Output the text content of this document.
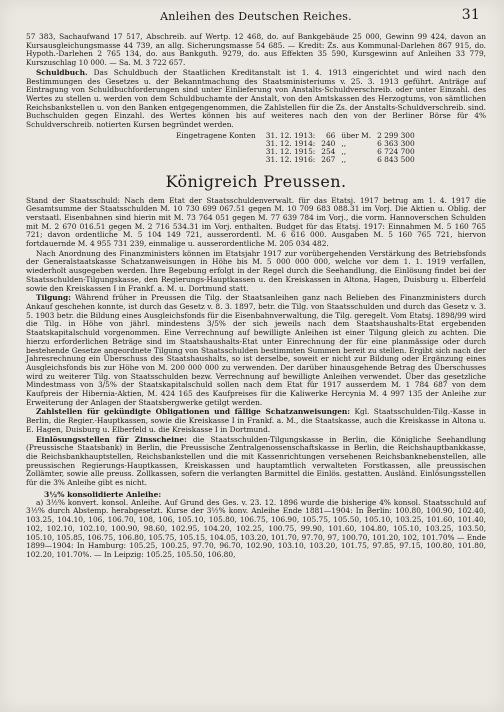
Anleihen des Deutschen Reiches.	31

57 383, Sachaufwand 17 517, Abschreib. auf Wertp. 12 468, do. auf Bankgebäude 25 000, Gewinn 99 424, davon an Kursausgleichungsmasse 44 739, an allg. Sicherungsmasse 54 685. — Kredit: Zs. aus Kommunal-Darlehen 867 915, do. Hypoth.-Darlehen 2 765 134, do. aus Bankguth. 9279, do. aus Effekten 35 590, Kursgewinn auf Anleihen 33 779, Kurszuschlag 10 000. — Sa. M. 3 722 657.

Schuldbuch. Das Schuldbuch der Staatlichen Kreditanstalt ist 1. 4. 1913 eingerichtet und wird nach den Bestimmungen des Gesetzes u. der Bekanntmachung des Staatsministeriums v. 25. 3. 1913 geführt. Anträge auf Eintragung von Schuldbuchforderungen sind unter Einlieferung von Anstalts-Schuldverschreib. oder unter Einzahl. des Wertes zu stellen u. werden von dem Schuldbuchamte der Anstalt, von den Amtskassen des Herzogtums, von sämtlichen Reichsbankstellen u. von den Banken entgegengenommen, die Zahlstellen für die Zs. der Anstalts-Schuldverschreib. sind. Buchschulden gegen Einzahl. des Wertes können bis auf weiteres nach den von der Berliner Börse für 4% Schuldverschreib. notierten Kursen begründet werden.

Eingetragene Konten	31. 12. 1913:	66	über M.	2 299 300
	31. 12. 1914:	240	,,	6 363 300
	31. 12. 1915:	254	,,	6 724 700
	31. 12. 1916:	267	,,	6 843 500
Königreich Preussen.

Stand der Staatsschuld: Nach dem Etat der Staatsschuldenverwalt. für das Etatsj. 1917 betrug am 1. 4. 1917 die Gesamtsumme der Staatsschulden M. 10 730 699 067.51 gegen M. 10 709 683 088.31 im Vorj. Die Aktien u. Oblig. der verstaatl. Eisenbahnen sind hierin mit M. 73 764 051 gegen M. 77 639 784 im Vorj., die vorm. Hannoverschen Schulden mit M. 2 670 016.51 gegen M. 2 716 534.31 im Vorj. enthalten. Budget für das Etatsj. 1917: Einnahmen M. 5 160 765 721; davon ordentliche M. 5 104 149 721, ausserordentl. M. 6 616 000. Ausgaben M. 5 160 765 721, hiervon fortdauernde M. 4 955 731 239, einmalige u. ausserordentliche M. 205 034 482.

Nach Anordnung des Finanzministers können im Etatsjahr 1917 zur vorübergehenden Verstärkung des Betriebsfonds der Generalstaatskasse Schatzanweisungen in Höhe bis M. 5 000 000 000, welche vor dem 1. 1. 1919 verfallen, wiederholt ausgegeben werden. Ihre Begebung erfolgt in der Regel durch die Seehandlung, die Einlösung findet bei der Staatsschulden-Tilgungskasse, den Regierungs-Hauptkassen u. den Kreiskassen in Altona, Hagen, Duisburg u. Elberfeld sowie den Kreiskassen I in Frankf. a. M. u. Dortmund statt.

Tilgung: Während früher in Preussen die Tilg. der Staatsanleihen ganz nach Belieben des Finanzministers durch Ankauf geschehen konnte, ist durch das Gesetz v. 8. 3. 1897, betr. die Tilg. von Staatsschulden und durch das Gesetz v. 3. 5. 1903 betr. die Bildung eines Ausgleichsfonds für die Eisenbahnverwaltung, die Tilg. geregelt. Vom Etatsj. 1898/99 wird die Tilg. in Höhe von jährl. mindestens 3/5% der sich jeweils nach dem Staatshaushalts-Etat ergebenden Staatskapitalschuld vorgenommen. Eine Verrechnung auf bewilligte Anleihen ist einer Tilgung gleich zu achten. Die hierzu erforderlichen Beträge sind im Staatshaushalts-Etat unter Einrechnung der für eine planmässige oder durch bestehende Gesetze angeordnete Tilgung von Staatsschulden bestimmten Summen bereit zu stellen. Ergibt sich nach der Jahresrechnung ein Überschuss des Staatshaushalts, so ist derselbe, soweit er nicht zur Bildung oder Ergänzung eines Ausgleichsfonds bis zur Höhe von M. 200 000 000 zu verwenden. Der darüber hinausgehende Betrag des Überschusses wird zu weiterer Tilg. von Staatsschulden bezw. Verrechnung auf bewilligte Anleihen verwendet. Über das gesetzliche Mindestmass von 3/5% der Staatskapitalschuld sollen nach dem Etat für 1917 ausserdem M. 1 784 687 von dem Kaufpreis der Hibernia-Aktien, M. 424 165 des Kaufpreises für die Kaliwerke Hercynia M. 4 997 135 der Anleihe zur Erweiterung der Anlagen der Staatsbergwerke getilgt werden.

Zahlstellen für gekündigte Obligationen und fällige Schatzanweisungen: Kgl. Staatsschulden-Tilg.-Kasse in Berlin, die Regier.-Hauptkassen, sowie die Kreiskasse I in Frankf. a. M., die Staatskasse, auch die Kreiskasse in Altona u. E. Hagen, Duisburg u. Elberfeld u. die Kreiskasse I in Dortmund.

Einlösungsstellen für Zinsscheine: die Staatsschulden-Tilgungskasse in Berlin, die Königliche Seehandlung (Preussische Staatsbank) in Berlin, die Preussische Zentralgenossenschaftskasse in Berlin, die Reichshauptbankkasse, die Reichsbankhauptstellen, Reichsbankstellen und die mit Kassenrichtungen versehenen Reichsbanknebenstellen, alle preussischen Regierungs-Hauptkassen, Kreiskassen und hauptamtlich verwalteten Forstkassen, alle preussischen Zollämter, sowie alle preuss. Zollkassen, sofern die verlangten Barmittel die Einlös. gestatten. Ausländ. Einlösungsstellen für die 3% Anleihe gibt es nicht.

3½% konsolidierte Anleihe:

a) 3½% konvert. konsol. Anleihe. Auf Grund des Ges. v. 23. 12. 1896 wurde die bisherige 4% konsol. Staatsschuld auf 3½% durch Abstemp. herabgesetzt. Kurse der 3½% konv. Anleihe Ende 1881—1904: In Berlin: 100.80, 100.90, 102.40, 103.25, 104.10, 106, 106.70, 108, 106, 105.10, 105.80, 106.75, 106.90, 105.75, 105.50, 105.10, 103.25, 101.60, 101.40, 102, 102.10, 102.10, 100.90, 98.60, 102.95, 104.20, 102.25, 100.75, 99.90, 101.60, 104.80, 105.10, 103.25, 103.50, 105.10, 105.85, 106.75, 106.80, 105.75, 105.15, 104.05, 103.20, 101.70, 97.70, 97, 100.70, 101.20, 102, 101.70% — Ende 1899—1904: In Hamburg: 105.25, 100.25, 97.70, 96.70, 102.90, 103.10, 103.20, 101.75, 97.85, 97.15, 100.80, 101.80, 102.20, 101.70%. — In Leipzig: 105.25, 105.50, 106.80,
